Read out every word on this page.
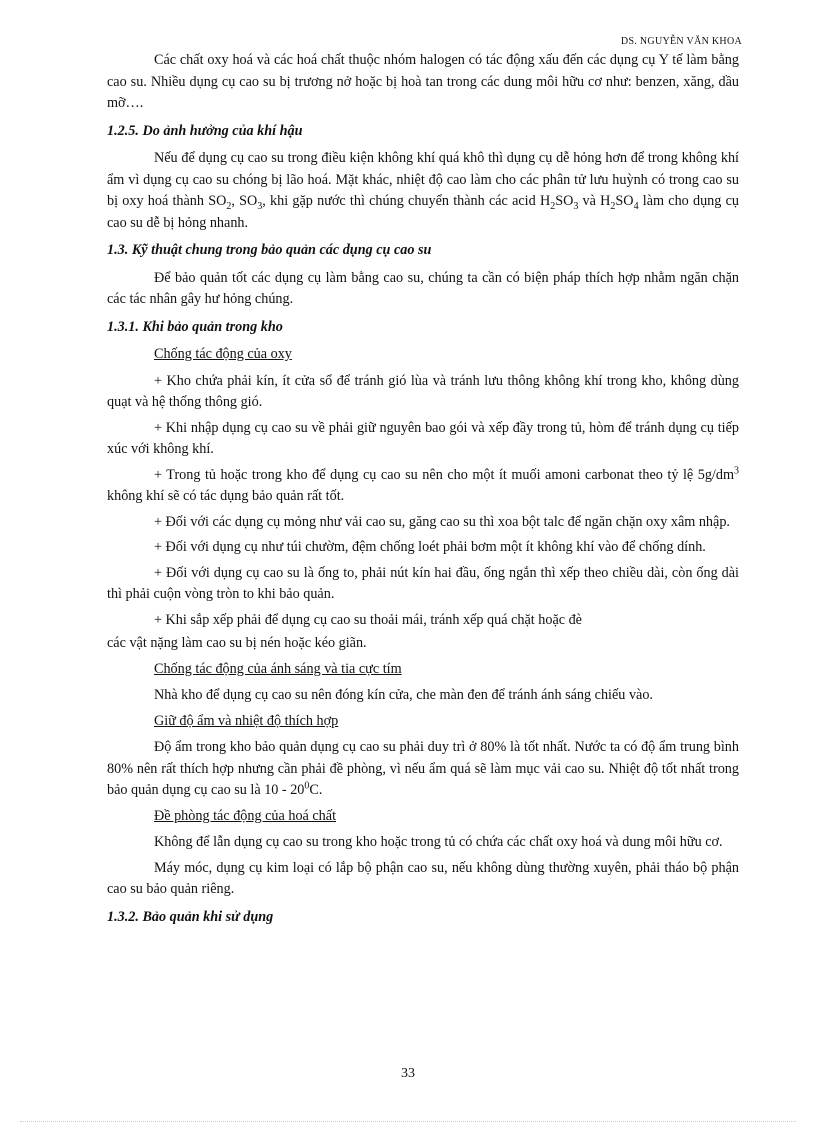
DS. NGUYỄN VĂN KHOA

Các chất oxy hoá và các hoá chất thuộc nhóm halogen có tác động xấu đến các dụng cụ Y tế làm bằng cao su. Nhiều dụng cụ cao su bị trương nở hoặc bị hoà tan trong các dung môi hữu cơ như: benzen, xăng, dầu mỡ….

1.2.5. Do ảnh hưởng của khí hậu

Nếu để dụng cụ cao su trong điều kiện không khí quá khô thì dụng cụ dễ hỏng hơn để trong không khí ẩm vì dụng cụ cao su chóng bị lão hoá. Mặt khác, nhiệt độ cao làm cho các phân tử lưu huỳnh có trong cao su bị oxy hoá thành $SO_2$, $SO_3$, khi gặp nước thì chúng chuyển thành các acid $H_2SO_3$ và $H_2SO_4$ làm cho dụng cụ cao su dễ bị hỏng nhanh.

1.3. Kỹ thuật chung trong bảo quản các dụng cụ cao su

Để bảo quản tốt các dụng cụ làm bằng cao su, chúng ta cần có biện pháp thích hợp nhằm ngăn chặn các tác nhân gây hư hỏng chúng.

1.3.1. Khi bảo quản trong kho

Chống tác động của oxy

+ Kho chứa phải kín, ít cửa sổ để tránh gió lùa và tránh lưu thông không khí trong kho, không dùng quạt và hệ thống thông gió.

+ Khi nhập dụng cụ cao su về phải giữ nguyên bao gói và xếp đầy trong tủ, hòm để tránh dụng cụ tiếp xúc với không khí.

+ Trong tủ hoặc trong kho để dụng cụ cao su nên cho một ít muối amoni carbonat theo tỷ lệ $5g/dm^3$ không khí sẽ có tác dụng bảo quản rất tốt.

+ Đối với các dụng cụ mỏng như vải cao su, găng cao su thì xoa bột talc để ngăn chặn oxy xâm nhập.

+ Đối với dụng cụ như túi chườm, đệm chống loét phải bơm một ít không khí vào để chống dính.

+ Đối với dụng cụ cao su là ống to, phải nút kín hai đầu, ống ngắn thì xếp theo chiều dài, còn ống dài thì phải cuộn vòng tròn to khi bảo quản.

+ Khi sắp xếp phải để dụng cụ cao su thoải mái, tránh xếp quá chặt hoặc đè

các vật nặng làm cao su bị nén hoặc kéo giãn.

Chống tác động của ánh sáng và tia cực tím

Nhà kho để dụng cụ cao su nên đóng kín cửa, che màn đen để tránh ánh sáng chiếu vào.

Giữ độ ẩm và nhiệt độ thích hợp

Độ ẩm trong kho bảo quản dụng cụ cao su phải duy trì ở 80% là tốt nhất. Nước ta có độ ẩm trung bình 80% nên rất thích hợp nhưng cần phải đề phòng, vì nếu ẩm quá sẽ làm mục vải cao su. Nhiệt độ tốt nhất trong bảo quản dụng cụ cao su là $10 - 20^0C$.

Đề phòng tác động của hoá chất

Không để lẫn dụng cụ cao su trong kho hoặc trong tủ có chứa các chất oxy hoá và dung môi hữu cơ.

Máy móc, dụng cụ kim loại có lắp bộ phận cao su, nếu không dùng thường xuyên, phải tháo bộ phận cao su bảo quản riêng.

1.3.2. Bảo quản khi sử dụng
33
